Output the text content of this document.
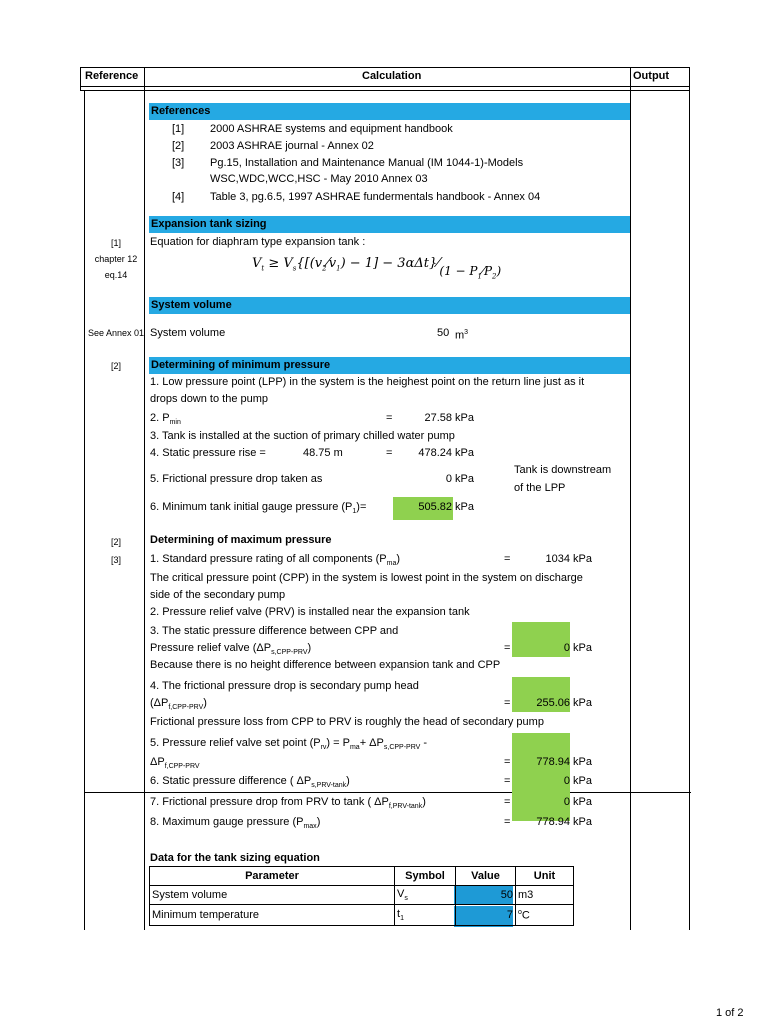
Reference	Calculation	Output
References
[1] 2000 ASHRAE systems and equipment handbook
[2] 2003 ASHRAE journal - Annex 02
[3] Pg.15, Installation and Maintenance Manual (IM 1044-1)-Models
WSC,WDC,WCC,HSC - May 2010 Annex 03
[4] Table 3, pg.6.5, 1997 ASHRAE fundermentals handbook - Annex 04
Expansion tank sizing
[1]
chapter 12
eq.14
Equation for diaphram type expansion tank :
$V_t$ ≥ $V_s\{[(v_2⁄v_1) - 1]$ − 3αΔt}⁄(1 − $P_1⁄P_2$)
System volume
See Annex 01 System volume	50 $m^3$
Determining of minimum pressure
[2]
1. Low pressure point (LPP) in the system is the heighest point on the return line just as it
drops down to the pump
2. $P_{min}$	=	27.58 kPa
3. Tank is installed at the suction of primary chilled water pump
4. Static pressure rise =	48.75 m	=	478.24 kPa
5. Frictional pressure drop taken as	0 kPa
Tank is downstream
of the LPP
6. Minimum tank initial gauge pressure $(P_1)=$	505.82 kPa
Determining of maximum pressure
[2]
[3]	1. Standard pressure rating of all components $(P_{ma})$	=	1034 kPa
The critical pressure point (CPP) in the system is lowest point in the system on discharge
side of the secondary pump
2. Pressure relief valve (PRV) is installed near the expansion tank
3. The static pressure difference between CPP and
Pressure relief valve $(\Delta P_{s,CPP-PRV})$	=	0 kPa
Because there is no height difference between expansion tank and CPP
4. The frictional pressure drop is secondary pump head
$(\Delta P_{f,CPP-PRV})$	=	255.06 kPa
Frictional pressure loss from CPP to PRV is roughly the head of secondary pump
5. Pressure relief valve set point $(P_{rv}) = P_{ma}+ \Delta P_{s,CPP-PRV}$ -
$\Delta P_{f,CPP-PRV}$	=	778.94 kPa
6. Static pressure difference ( $\Delta P_{s,PRV-tank}$)	=	0 kPa
7. Frictional pressure drop from PRV to tank ( $\Delta P_{f,PRV-tank}$)	=	0 kPa
8. Maximum gauge pressure $(P_{max})$	=	778.94 kPa
Data for the tank sizing equation
Parameter	Symbol	Value	Unit
System volume	$V_s$	50	m3
Minimum temperature	$t_1$	7	$^o$C
1 of 2
